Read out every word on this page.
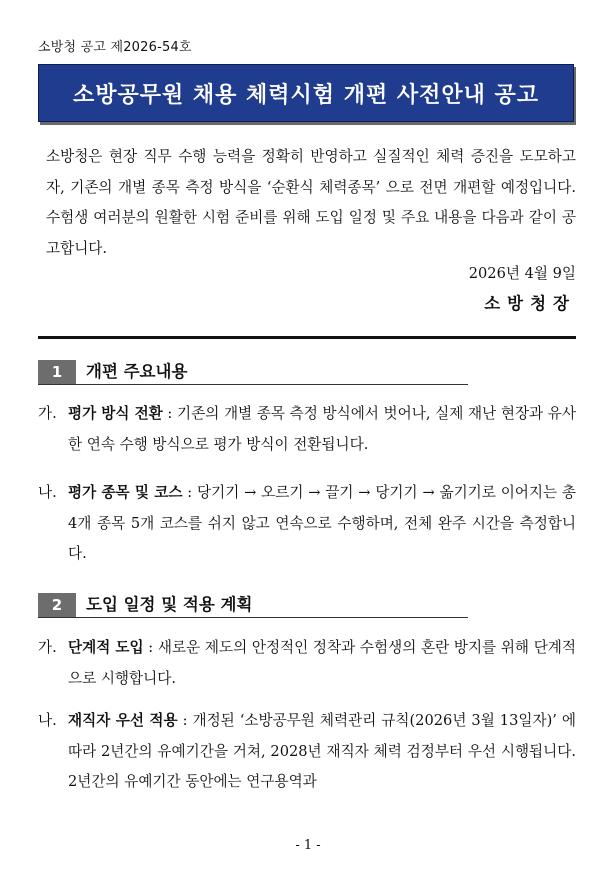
소방청 공고 제2026-54호
소방공무원 채용 체력시험 개편 사전안내 공고

소방청은 현장 직무 수행 능력을 정확히 반영하고 실질적인 체력 증진을 도모하고자, 기존의 개별 종목 측정 방식을 ‘순환식 체력종목’ 으로 전면 개편할 예정입니다. 수험생 여러분의 원활한 시험 준비를 위해 도입 일정 및 주요 내용을 다음과 같이 공고합니다.

2026년 4월 9일
소방청장
1	개편 주요내용

가. 평가 방식 전환 : 기존의 개별 종목 측정 방식에서 벗어나, 실제 재난 현장과 유사한 연속 수행 방식으로 평가 방식이 전환됩니다.

나. 평가 종목 및 코스 : 당기기 → 오르기 → 끌기 → 당기기 → 옮기기로 이어지는 총 4개 종목 5개 코스를 쉬지 않고 연속으로 수행하며, 전체 완주 시간을 측정합니다.

2	도입 일정 및 적용 계획

가. 단계적 도입 : 새로운 제도의 안정적인 정착과 수험생의 혼란 방지를 위해 단계적으로 시행합니다.

나. 재직자 우선 적용 : 개정된 ‘소방공무원 체력관리 규칙(2026년 3월 13일자)’ 에 따라 2년간의 유예기간을 거쳐, 2028년 재직자 체력 검정부터 우선 시행됩니다. 2년간의 유예기간 동안에는 연구용역과

- 1 -
